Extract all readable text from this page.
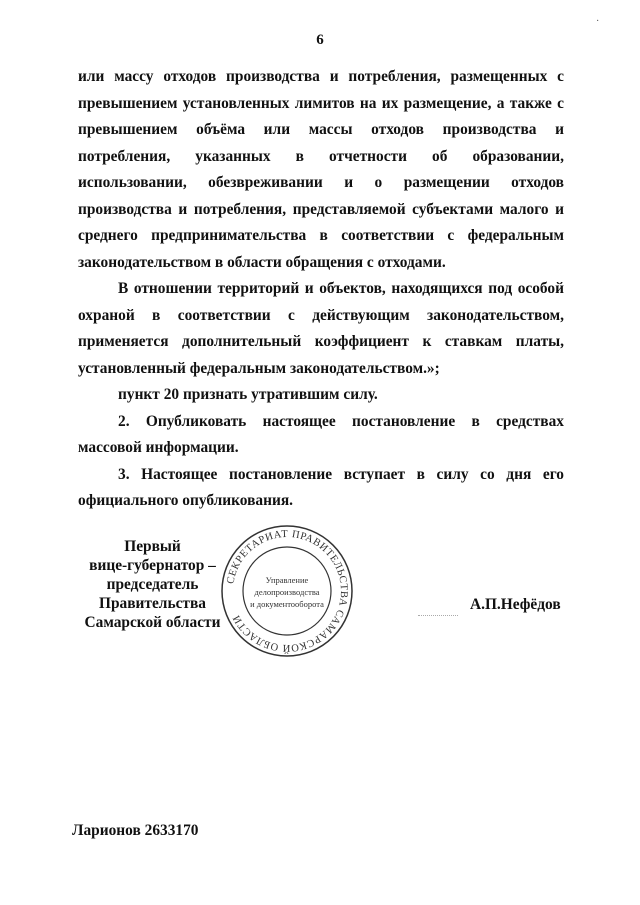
·
6

или массу отходов производства и потребления, размещенных с превышением установленных лимитов на их размещение, а также с превышением объёма или массы отходов производства и потребления, указанных в отчетности об образовании, использовании, обезвреживании и о размещении отходов производства и потребления, представляемой субъектами малого и среднего предпринимательства в соответствии с федеральным законодательством в области обращения с отходами.

В отношении территорий и объектов, находящихся под особой охраной в соответствии с действующим законодательством, применяется дополнительный коэффициент к ставкам платы, установленный федеральным законодательством.»;

пункт 20 признать утратившим силу.

2. Опубликовать настоящее постановление в средствах массовой информации.

3. Настоящее постановление вступает в силу со дня его официального опубликования.

СЕКРЕТАРИАТ ПРАВИТЕЛЬСТВА САМАРСКОЙ ОБЛАСТИ
Управление
делопроизводства
и документооборота
Первый
вице-губернатор –
председатель Правительства
Самарской области
А.П.Нефёдов
Ларионов 2633170
